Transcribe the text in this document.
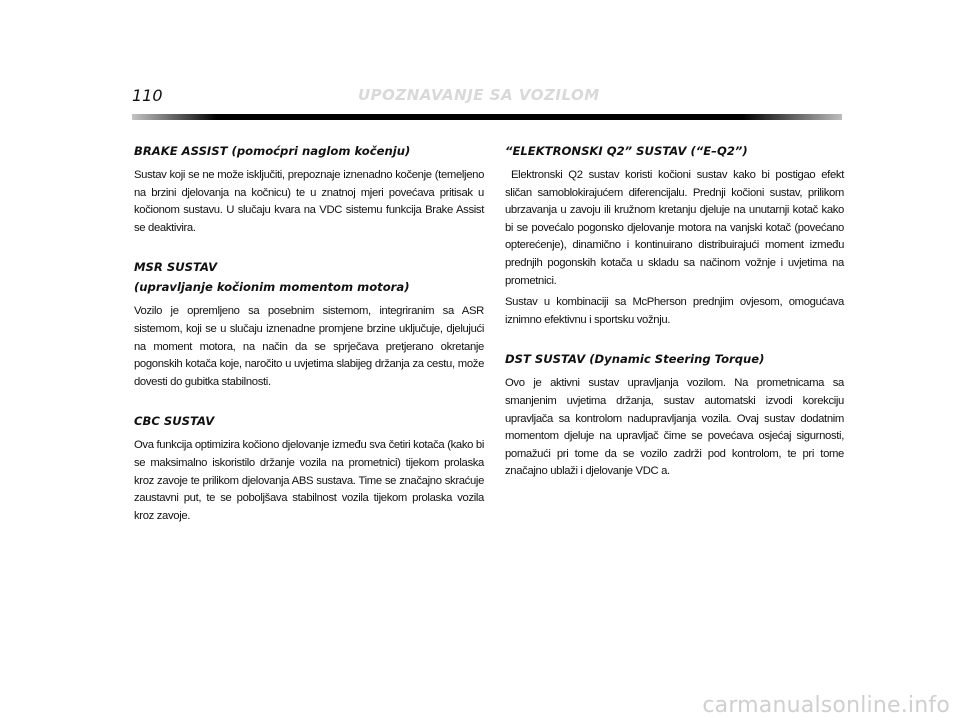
110	UPOZNAVANJE SA VOZILOM
BRAKE ASSIST (pomoćpri naglom kočenju)

Sustav koji se ne može isključiti, prepoznaje iznenadno kočenje (temeljeno na brzini djelovanja na kočnicu) te u znatnoj mjeri povećava pritisak u kočionom sustavu. U slučaju kvara na VDC sistemu funkcija Brake Assist se deaktivira.

MSR SUSTAV
(upravljanje kočionim momentom motora)

Vozilo je opremljeno sa posebnim sistemom, integriranim sa ASR sistemom, koji se u slučaju iznenadne promjene brzine uključuje, djelujući na moment motora, na način da se sprječava pretjerano okretanje pogonskih kotača koje, naročito u uvjetima slabijeg držanja za cestu, može dovesti do gubitka stabilnosti.

CBC SUSTAV

Ova funkcija optimizira kočiono djelovanje između sva četiri kotača (kako bi se maksimalno iskoristilo držanje vozila na prometnici) tijekom prolaska kroz zavoje te prilikom djelovanja ABS sustava. Time se značajno skraćuje zaustavni put, te se poboljšava stabilnost vozila tijekom prolaska vozila kroz zavoje.

“ELEKTRONSKI Q2” SUSTAV (“E–Q2”)

Elektronski Q2 sustav koristi kočioni sustav kako bi postigao efekt sličan samoblokirajućem diferencijalu. Prednji kočioni sustav, prilikom ubrzavanja u zavoju ili kružnom kretanju djeluje na unutarnji kotač kako bi se povećalo pogonsko djelovanje motora na vanjski kotač (povećano opterećenje), dinamično i kontinuirano distribuirajući moment između prednjih pogonskih kotača u skladu sa načinom vožnje i uvjetima na prometnici.

Sustav u kombinaciji sa McPherson prednjim ovjesom, omogućava iznimno efektivnu i sportsku vožnju.

DST SUSTAV (Dynamic Steering Torque)

Ovo je aktivni sustav upravljanja vozilom. Na prometnicama sa smanjenim uvjetima držanja, sustav automatski izvodi korekciju upravljača sa kontrolom nadupravljanja vozila. Ovaj sustav dodatnim momentom djeluje na upravljač čime se povećava osjećaj sigurnosti, pomažući pri tome da se vozilo zadrži pod kontrolom, te pri tome značajno ublaži i djelovanje VDC a.

carmanualsonline.info
